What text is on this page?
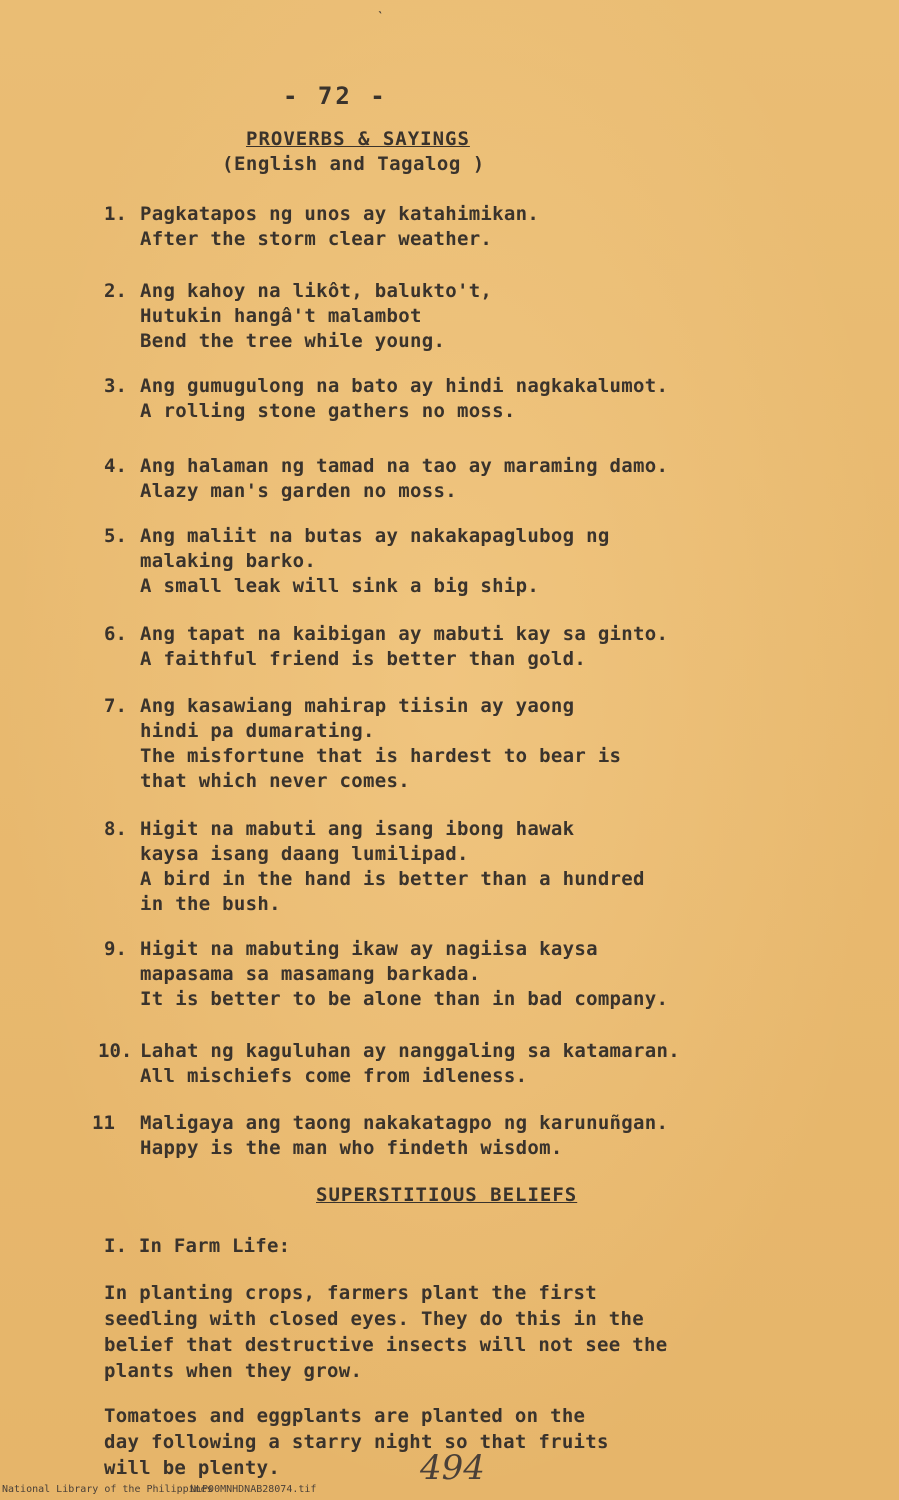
ˋ
- 72 -
PROVERBS & SAYINGS
(English and Tagalog )
1. Pagkatapos ng unos ay katahimikan.
After the storm clear weather.
2. Ang kahoy na likôt, balukto't,
Hutukin hangâ't malambot
Bend the tree while young.
3. Ang gumugulong na bato ay hindi nagkakalumot.
A rolling stone gathers no moss.
4. Ang halaman ng tamad na tao ay maraming damo.
Alazy man's garden no moss.
5. Ang maliit na butas ay nakakapaglubog ng
malaking barko.
A small leak will sink a big ship.
6. Ang tapat na kaibigan ay mabuti kay sa ginto.
A faithful friend is better than gold.
7. Ang kasawiang mahirap tiisin ay yaong
hindi pa dumarating.
The misfortune that is hardest to bear is
that which never comes.
8. Higit na mabuti ang isang ibong hawak
kaysa isang daang lumilipad.
A bird in the hand is better than a hundred
in the bush.
9. Higit na mabuting ikaw ay nagiisa kaysa
mapasama sa masamang barkada.
It is better to be alone than in bad company.
10. Lahat ng kaguluhan ay nanggaling sa katamaran.
All mischiefs come from idleness.
11 Maligaya ang taong nakakatagpo ng karunuñgan.
Happy is the man who findeth wisdom.
SUPERSTITIOUS BELIEFS
I. In Farm Life:
In planting crops, farmers plant the first
seedling with closed eyes. They do this in the
belief that destructive insects will not see the
plants when they grow.
Tomatoes and eggplants are planted on the
day following a starry night so that fruits
will be plenty.	494
National Library of the Philippines
NLP00MNHDNAB28074.tif
